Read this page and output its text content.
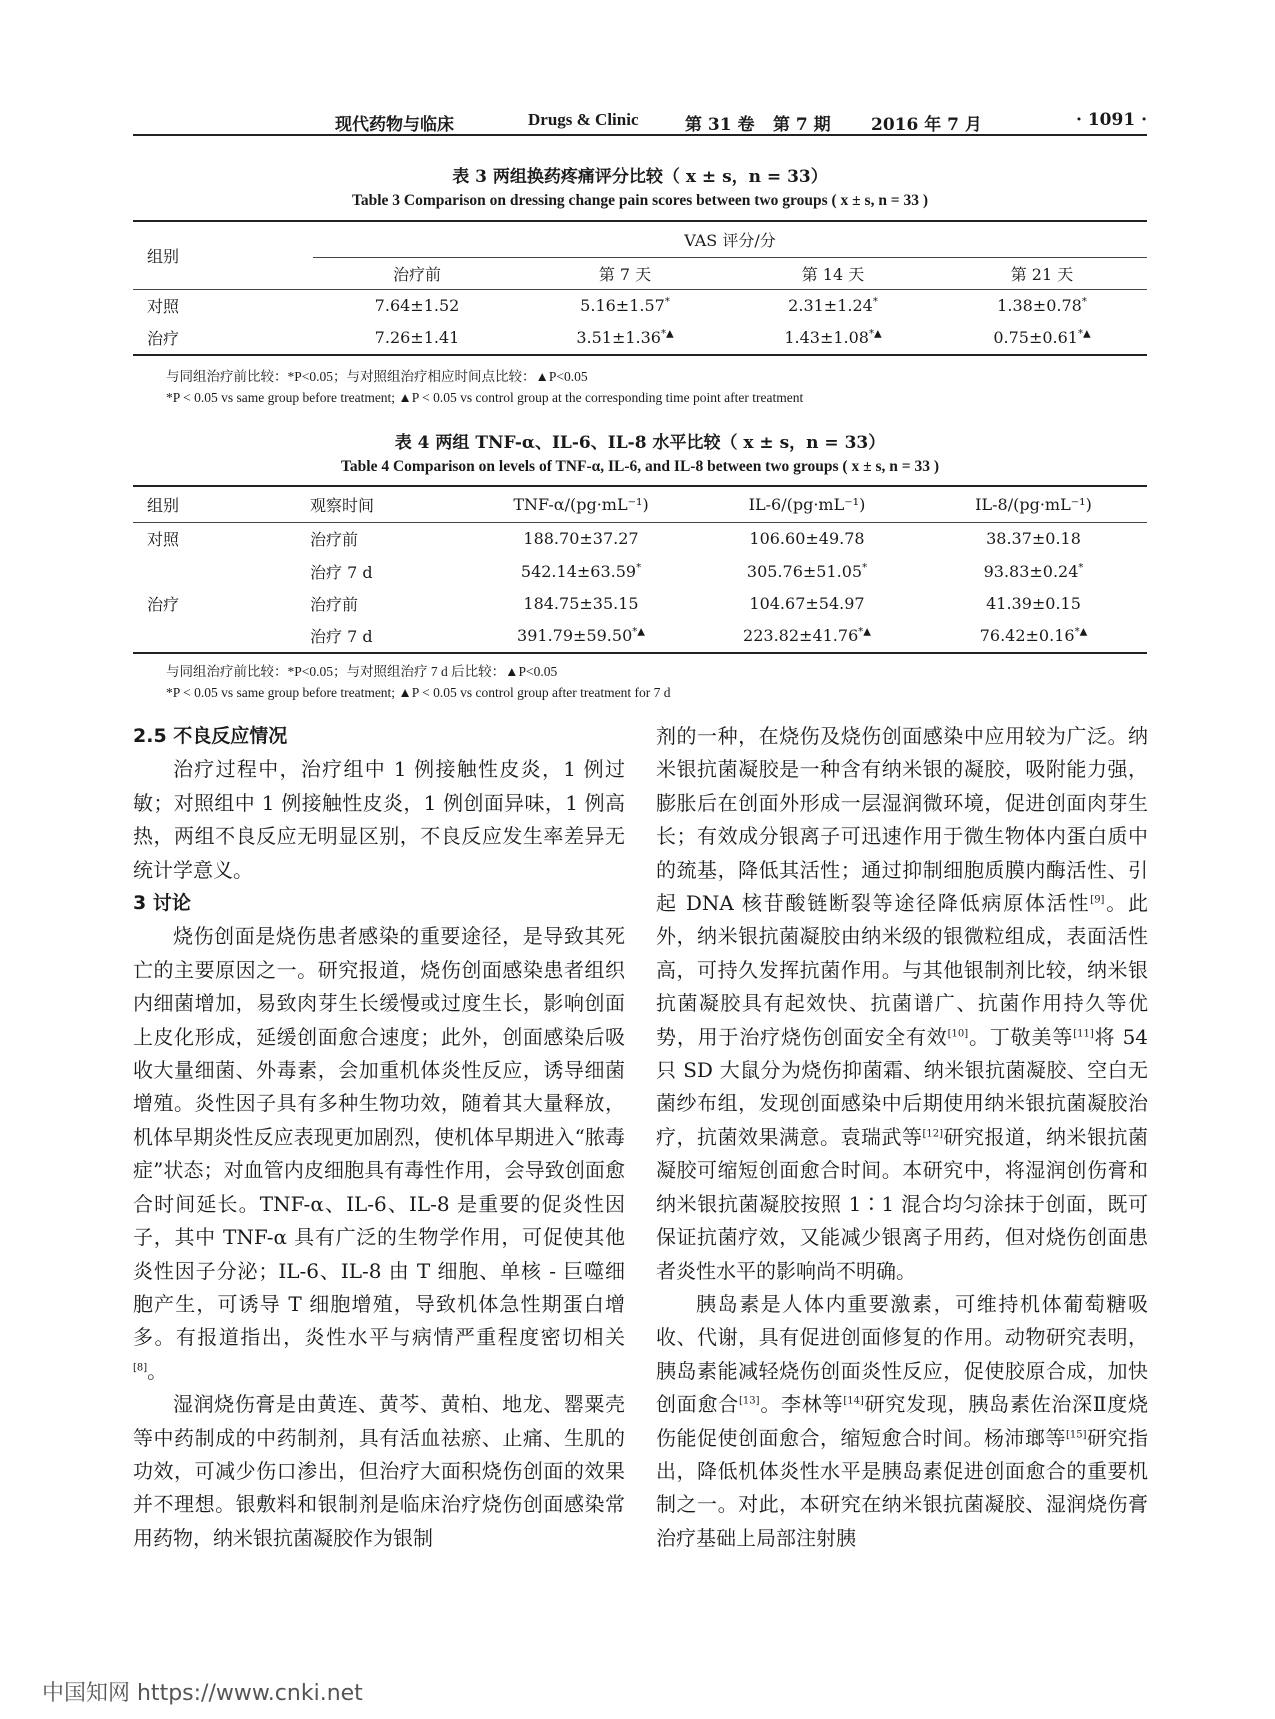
现代药物与临床	Drugs & Clinic	第 31 卷 第 7 期 2016 年 7 月	· 1091 ·
表 3 两组换药疼痛评分比较（ x ± s，n = 33）
Table 3 Comparison on dressing change pain scores between two groups ( x ± s, n = 33 )
组别	VAS 评分/分			
	治疗前	第 7 天	第 14 天	第 21 天
对照	7.64±1.52	5.16±1.57*	2.31±1.24*	1.38±0.78*
治疗	7.26±1.41	3.51±1.36*▲	1.43±1.08*▲	0.75±0.61*▲
与同组治疗前比较：*P<0.05；与对照组治疗相应时间点比较：▲P<0.05
*P < 0.05 vs same group before treatment; ▲P < 0.05 vs control group at the corresponding time point after treatment
表 4 两组 TNF-α、IL-6、IL-8 水平比较（ x ± s，n = 33）
Table 4 Comparison on levels of TNF-α, IL-6, and IL-8 between two groups ( x ± s, n = 33 )
组别	观察时间	TNF-α/(pg·mL⁻¹)	IL-6/(pg·mL⁻¹)	IL-8/(pg·mL⁻¹)
对照	治疗前	188.70±37.27	106.60±49.78	38.37±0.18
	治疗 7 d	542.14±63.59*	305.76±51.05*	93.83±0.24*
治疗	治疗前	184.75±35.15	104.67±54.97	41.39±0.15
	治疗 7 d	391.79±59.50*▲	223.82±41.76*▲	76.42±0.16*▲
与同组治疗前比较：*P<0.05；与对照组治疗 7 d 后比较：▲P<0.05
*P < 0.05 vs same group before treatment; ▲P < 0.05 vs control group after treatment for 7 d

2.5 不良反应情况

治疗过程中，治疗组中 1 例接触性皮炎，1 例过敏；对照组中 1 例接触性皮炎，1 例创面异味，1 例高热，两组不良反应无明显区别，不良反应发生率差异无统计学意义。

3 讨论

烧伤创面是烧伤患者感染的重要途径，是导致其死亡的主要原因之一。研究报道，烧伤创面感染患者组织内细菌增加，易致肉芽生长缓慢或过度生长，影响创面上皮化形成，延缓创面愈合速度；此外，创面感染后吸收大量细菌、外毒素，会加重机体炎性反应，诱导细菌增殖。炎性因子具有多种生物功效，随着其大量释放，机体早期炎性反应表现更加剧烈，使机体早期进入“脓毒症”状态；对血管内皮细胞具有毒性作用，会导致创面愈合时间延长。TNF-α、IL-6、IL-8 是重要的促炎性因子，其中 TNF-α 具有广泛的生物学作用，可促使其他炎性因子分泌；IL-6、IL-8 由 T 细胞、单核 - 巨噬细胞产生，可诱导 T 细胞增殖，导致机体急性期蛋白增多。有报道指出，炎性水平与病情严重程度密切相关[8]。

湿润烧伤膏是由黄连、黄芩、黄柏、地龙、罂粟壳等中药制成的中药制剂，具有活血祛瘀、止痛、生肌的功效，可减少伤口渗出，但治疗大面积烧伤创面的效果并不理想。银敷料和银制剂是临床治疗烧伤创面感染常用药物，纳米银抗菌凝胶作为银制

剂的一种，在烧伤及烧伤创面感染中应用较为广泛。纳米银抗菌凝胶是一种含有纳米银的凝胶，吸附能力强，膨胀后在创面外形成一层湿润微环境，促进创面肉芽生长；有效成分银离子可迅速作用于微生物体内蛋白质中的巯基，降低其活性；通过抑制细胞质膜内酶活性、引起 DNA 核苷酸链断裂等途径降低病原体活性[9]。此外，纳米银抗菌凝胶由纳米级的银微粒组成，表面活性高，可持久发挥抗菌作用。与其他银制剂比较，纳米银抗菌凝胶具有起效快、抗菌谱广、抗菌作用持久等优势，用于治疗烧伤创面安全有效[10]。丁敬美等[11]将 54 只 SD 大鼠分为烧伤抑菌霜、纳米银抗菌凝胶、空白无菌纱布组，发现创面感染中后期使用纳米银抗菌凝胶治疗，抗菌效果满意。袁瑞武等[12]研究报道，纳米银抗菌凝胶可缩短创面愈合时间。本研究中，将湿润创伤膏和纳米银抗菌凝胶按照 1∶1 混合均匀涂抹于创面，既可保证抗菌疗效，又能减少银离子用药，但对烧伤创面患者炎性水平的影响尚不明确。

胰岛素是人体内重要激素，可维持机体葡萄糖吸收、代谢，具有促进创面修复的作用。动物研究表明，胰岛素能减轻烧伤创面炎性反应，促使胶原合成，加快创面愈合[13]。李林等[14]研究发现，胰岛素佐治深Ⅱ度烧伤能促使创面愈合，缩短愈合时间。杨沛瑯等[15]研究指出，降低机体炎性水平是胰岛素促进创面愈合的重要机制之一。对此，本研究在纳米银抗菌凝胶、湿润烧伤膏治疗基础上局部注射胰

中国知网 https://www.cnki.net
